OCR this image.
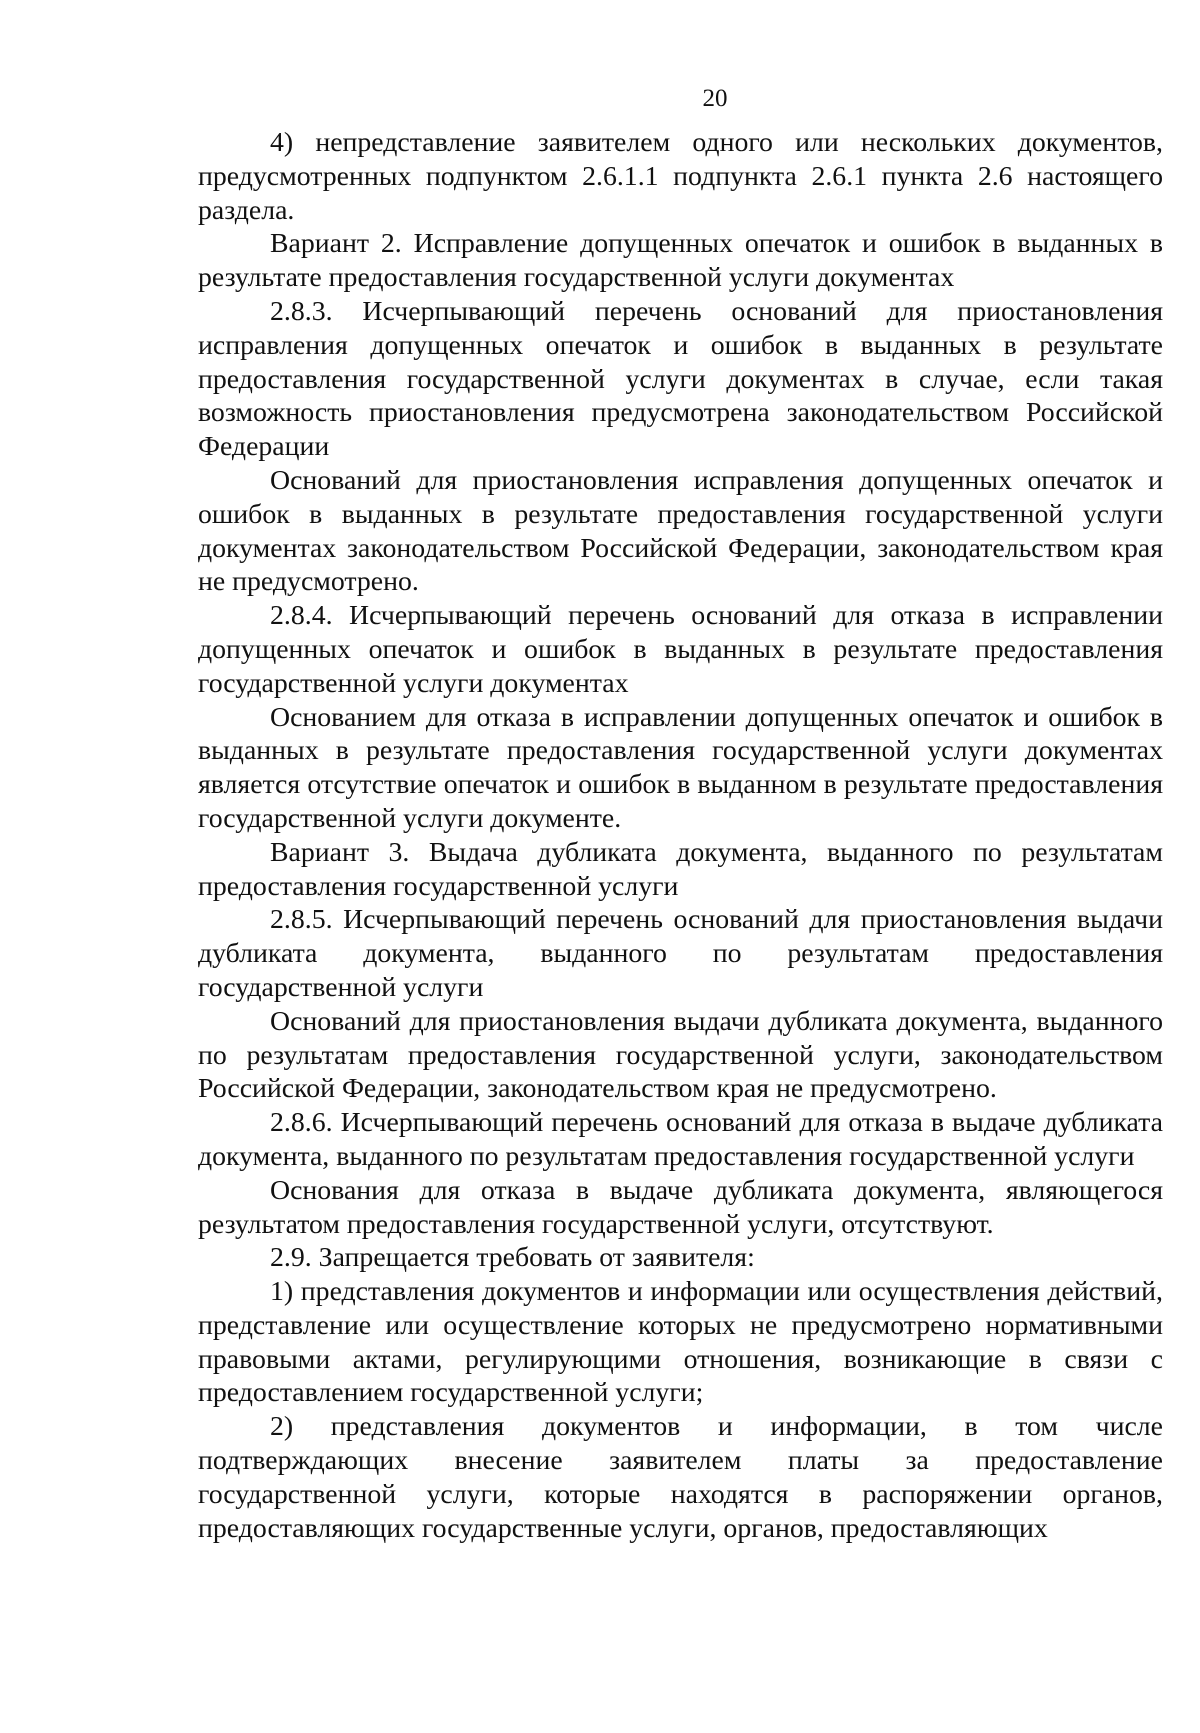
20

4) непредставление заявителем одного или нескольких документов, предусмотренных подпунктом 2.6.1.1 подпункта 2.6.1 пункта 2.6 настоящего раздела.

Вариант 2. Исправление допущенных опечаток и ошибок в выданных в результате предоставления государственной услуги документах

2.8.3. Исчерпывающий перечень оснований для приостановления исправления допущенных опечаток и ошибок в выданных в результате предоставления государственной услуги документах в случае, если такая возможность приостановления предусмотрена законодательством Российской Федерации

Оснований для приостановления исправления допущенных опечаток и ошибок в выданных в результате предоставления государственной услуги документах законодательством Российской Федерации, законодательством края не предусмотрено.

2.8.4. Исчерпывающий перечень оснований для отказа в исправлении допущенных опечаток и ошибок в выданных в результате предоставления государственной услуги документах

Основанием для отказа в исправлении допущенных опечаток и ошибок в выданных в результате предоставления государственной услуги документах является отсутствие опечаток и ошибок в выданном в результате предоставления государственной услуги документе.

Вариант 3. Выдача дубликата документа, выданного по результатам предоставления государственной услуги

2.8.5. Исчерпывающий перечень оснований для приостановления выдачи дубликата документа, выданного по результатам предоставления государственной услуги

Оснований для приостановления выдачи дубликата документа, выданного по результатам предоставления государственной услуги, законодательством Российской Федерации, законодательством края не предусмотрено.

2.8.6. Исчерпывающий перечень оснований для отказа в выдаче дубликата документа, выданного по результатам предоставления государственной услуги

Основания для отказа в выдаче дубликата документа, являющегося результатом предоставления государственной услуги, отсутствуют.

2.9. Запрещается требовать от заявителя:

1) представления документов и информации или осуществления действий, представление или осуществление которых не предусмотрено нормативными правовыми актами, регулирующими отношения, возникающие в связи с предоставлением государственной услуги;

2) представления документов и информации, в том числе подтверждающих внесение заявителем платы за предоставление государственной услуги, которые находятся в распоряжении органов, предоставляющих государственные услуги, органов, предоставляющих
